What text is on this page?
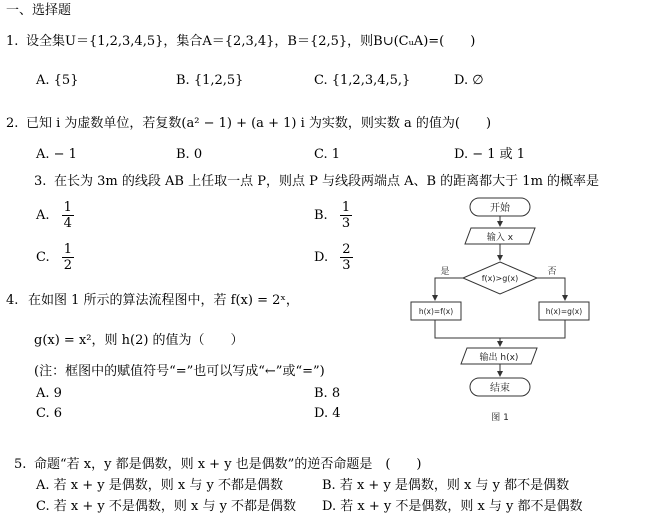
一、选择题
1. 设全集U＝{1,2,3,4,5}，集合A＝{2,3,4}，B＝{2,5}，则B∪(CᵤA)=(　　)
A. {5}	B. {1,2,5}	C. {1,2,3,4,5,}	D. ∅
2. 已知 i 为虚数单位，若复数(a² − 1) + (a + 1) i 为实数，则实数 a 的值为(　　)
A. − 1	B. 0	C. 1	D. − 1 或 1
3. 在长为 3m 的线段 AB 上任取一点 P，则点 P 与线段两端点 A、B 的距离都大于 1m 的概率是
A. $\frac{1}{4}$	B. $\frac{1}{3}$
C. $\frac{1}{2}$	D. $\frac{2}{3}$
4. 在如图 1 所示的算法流程图中，若 f(x) = 2ˣ，
g(x) = x²，则 h(2) 的值为（　　）
(注：框图中的赋值符号“=”也可以写成“←”或“=”)
A. 9	B. 8
C. 6	D. 4
开始
输入 x
f(x)>g(x)
是	否
h(x)=f(x)	h(x)=g(x)
输出 h(x)
结束
图 1
5. 命题“若 x，y 都是偶数，则 x + y 也是偶数”的逆否命题是　(　　)
A. 若 x + y 是偶数，则 x 与 y 不都是偶数	B. 若 x + y 是偶数，则 x 与 y 都不是偶数
C. 若 x + y 不是偶数，则 x 与 y 不都是偶数 D. 若 x + y 不是偶数，则 x 与 y 都不是偶数
